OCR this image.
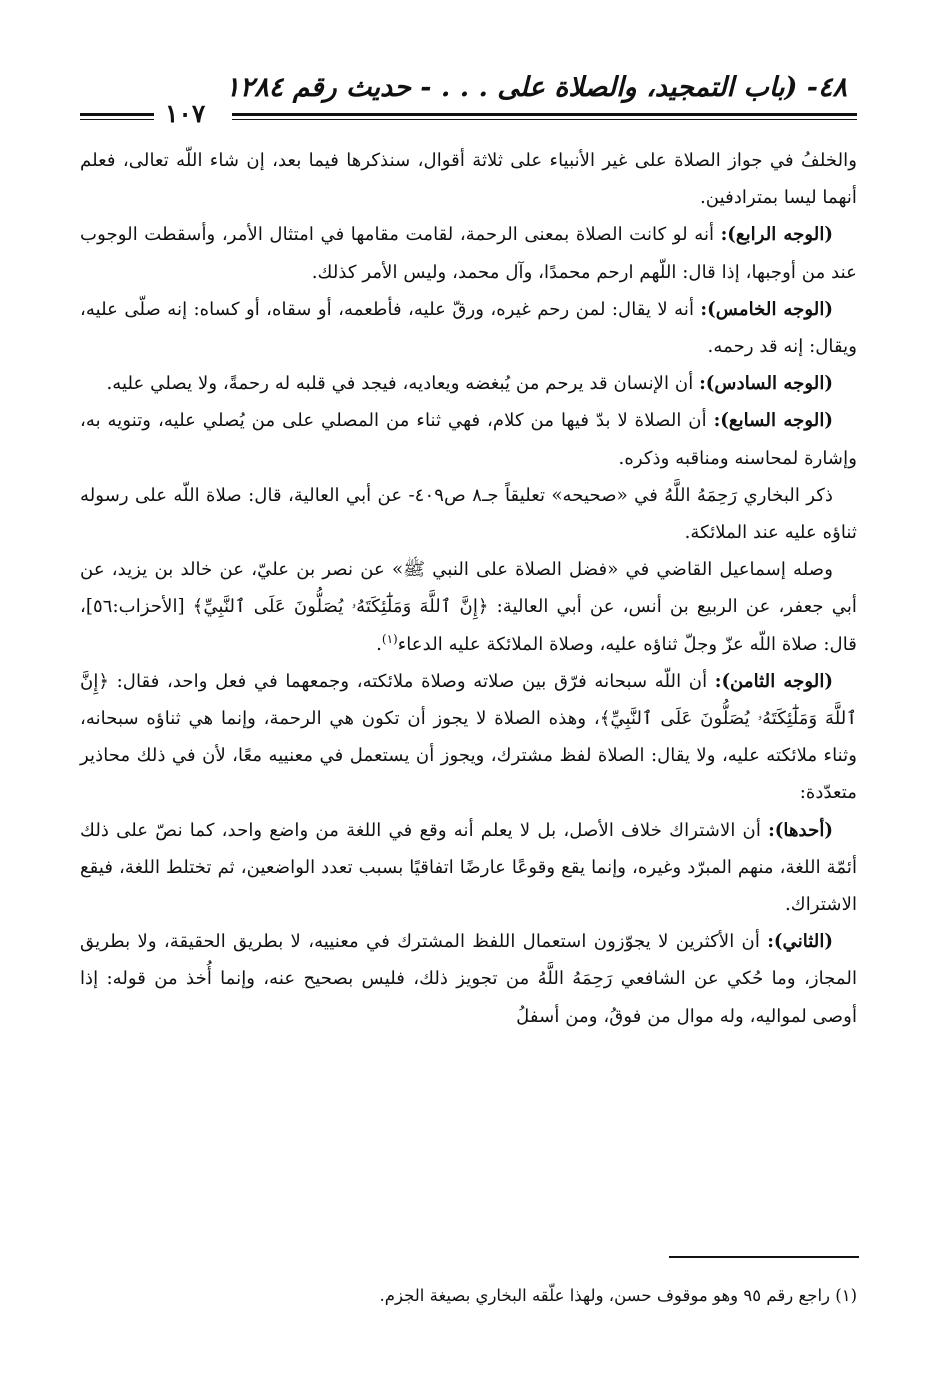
٤٨- (باب التمجيد، والصلاة على . . . - حديث رقم ١٢٨٤
١٠٧

والخلفُ في جواز الصلاة على غير الأنبياء على ثلاثة أقوال، سنذكرها فيما بعد، إن شاء اللّه تعالى، فعلم أنهما ليسا بمترادفين.

(الوجه الرابع): أنه لو كانت الصلاة بمعنى الرحمة، لقامت مقامها في امتثال الأمر، وأسقطت الوجوب عند من أوجبها، إذا قال: اللّهم ارحم محمدًا، وآل محمد، وليس الأمر كذلك.

(الوجه الخامس): أنه لا يقال: لمن رحم غيره، ورقّ عليه، فأطعمه، أو سقاه، أو كساه: إنه صلّى عليه، ويقال: إنه قد رحمه.

(الوجه السادس): أن الإنسان قد يرحم من يُبغضه ويعاديه، فيجد في قلبه له رحمةً، ولا يصلي عليه.

(الوجه السابع): أن الصلاة لا بدّ فيها من كلام، فهي ثناء من المصلي على من يُصلي عليه، وتنويه به، وإشارة لمحاسنه ومناقبه وذكره.

ذكر البخاري رَحِمَهُ اللَّهُ في «صحيحه» تعليقاً جـ٨ ص٤٠٩- عن أبي العالية، قال: صلاة اللّه على رسوله ثناؤه عليه عند الملائكة.

وصله إسماعيل القاضي في «فضل الصلاة على النبي ﷺ» عن نصر بن عليّ، عن خالد بن يزيد، عن أبي جعفر، عن الربيع بن أنس، عن أبي العالية: ﴿إِنَّ ٱللَّهَ وَمَلَٰٓئِكَتَهُۥ يُصَلُّونَ عَلَى ٱلنَّبِيِّ﴾ [الأحزاب:٥٦]، قال: صلاة اللّه عزّ وجلّ ثناؤه عليه، وصلاة الملائكة عليه الدعاء$^{(١)}$.

(الوجه الثامن): أن اللّه سبحانه فرّق بين صلاته وصلاة ملائكته، وجمعهما في فعل واحد، فقال: ﴿إِنَّ ٱللَّهَ وَمَلَٰٓئِكَتَهُۥ يُصَلُّونَ عَلَى ٱلنَّبِيِّ﴾، وهذه الصلاة لا يجوز أن تكون هي الرحمة، وإنما هي ثناؤه سبحانه، وثناء ملائكته عليه، ولا يقال: الصلاة لفظ مشترك، ويجوز أن يستعمل في معنييه معًا، لأن في ذلك محاذير متعدّدة:

(أحدها): أن الاشتراك خلاف الأصل، بل لا يعلم أنه وقع في اللغة من واضع واحد، كما نصّ على ذلك أئمّة اللغة، منهم المبرّد وغيره، وإنما يقع وقوعًا عارضًا اتفاقيًا بسبب تعدد الواضعين، ثم تختلط اللغة، فيقع الاشتراك.

(الثاني): أن الأكثرين لا يجوّزون استعمال اللفظ المشترك في معنييه، لا بطريق الحقيقة، ولا بطريق المجاز، وما حُكي عن الشافعي رَحِمَهُ اللَّهُ من تجويز ذلك، فليس بصحيح عنه، وإنما أُخذ من قوله: إذا أوصى لمواليه، وله موال من فوقُ، ومن أسفلُ

(١) راجع رقم ٩٥ وهو موقوف حسن، ولهذا علّقه البخاري بصيغة الجزم.
